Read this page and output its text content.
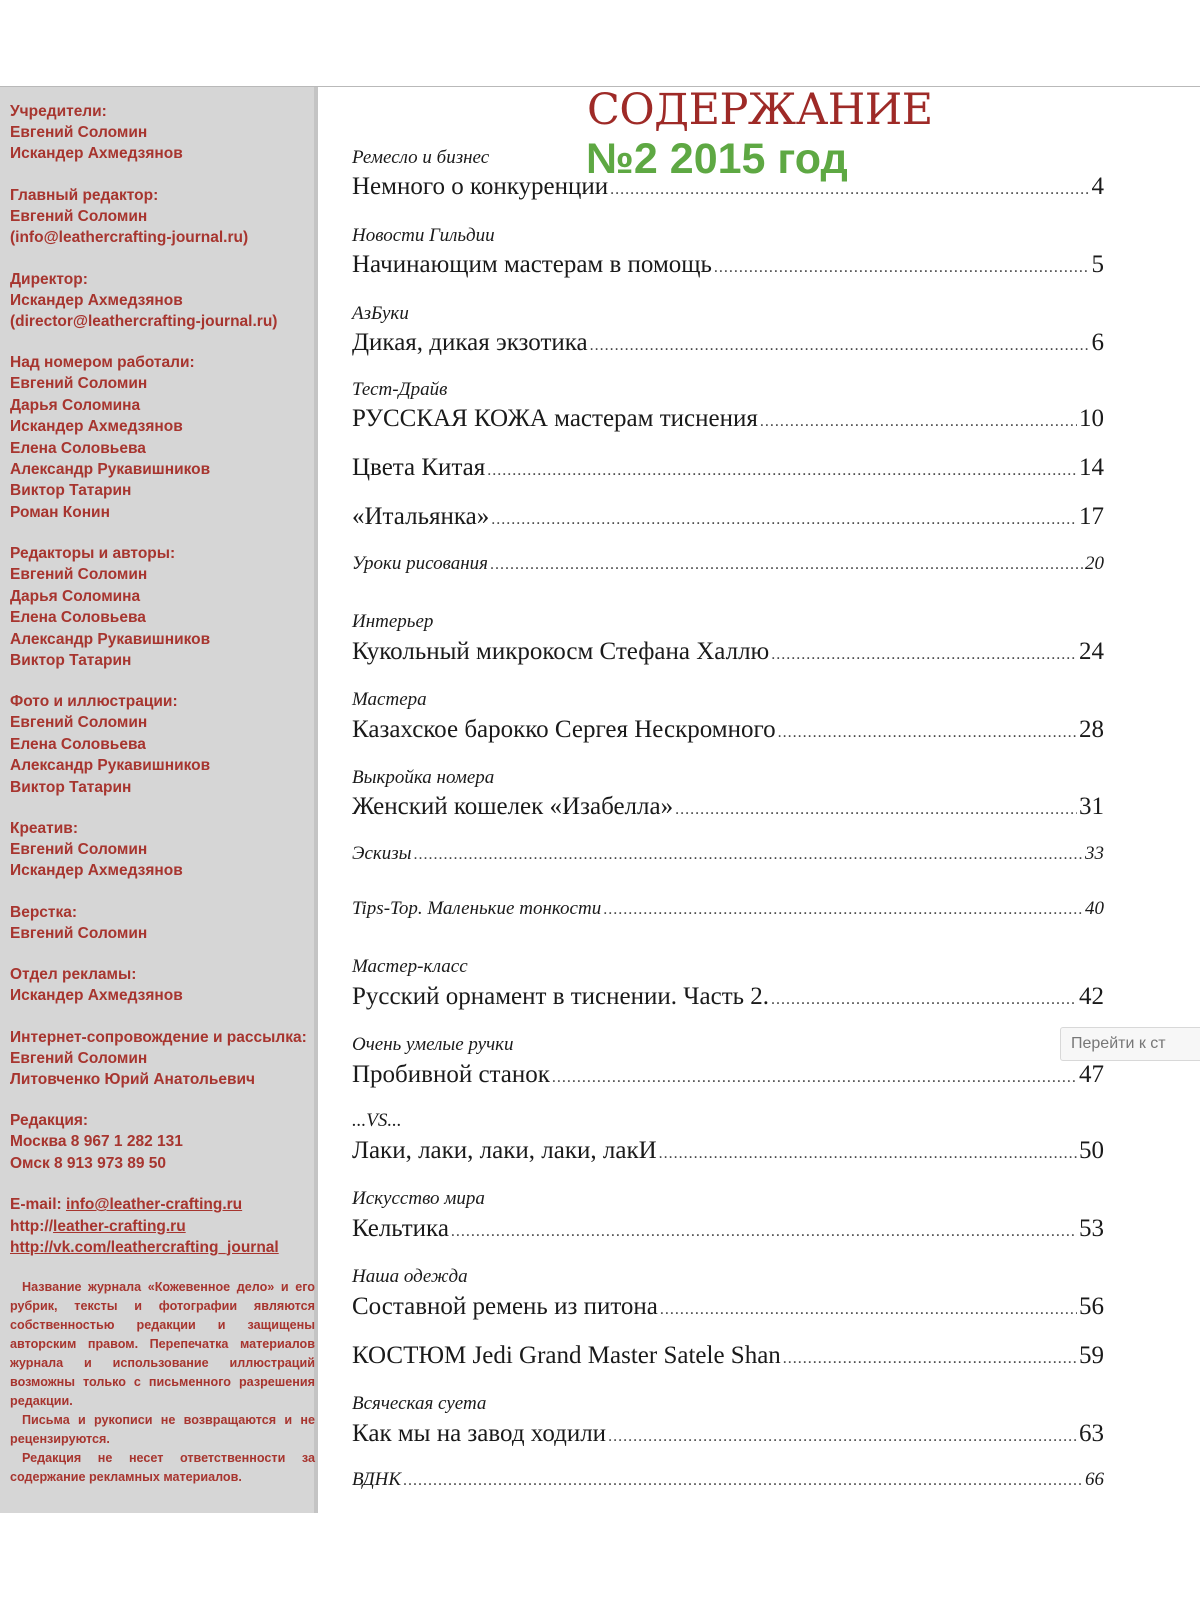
Учредители:
Евгений Соломин
Искандер Ахмедзянов
Главный редактор:
Евгений Соломин
(info@leathercrafting-journal.ru)
Директор:
Искандер Ахмедзянов
(director@leathercrafting-journal.ru)
Над номером работали:
Евгений Соломин
Дарья Соломина
Искандер Ахмедзянов
Елена Соловьева
Александр Рукавишников
Виктор Татарин
Роман Конин
Редакторы и авторы:
Евгений Соломин
Дарья Соломина
Елена Соловьева
Александр Рукавишников
Виктор Татарин
Фото и иллюстрации:
Евгений Соломин
Елена Соловьева
Александр Рукавишников
Виктор Татарин
Креатив:
Евгений Соломин
Искандер Ахмедзянов
Верстка:
Евгений Соломин
Отдел рекламы:
Искандер Ахмедзянов
Интернет-сопровождение и рассылка:
Евгений Соломин
Литовченко Юрий Анатольевич
Редакция:
Москва 8 967 1 282 131
Омск 8 913 973 89 50
E-mail: info@leather-crafting.ru
http://leather-crafting.ru
http://vk.com/leathercrafting_journal

Название журнала «Кожевенное дело» и его рубрик, тексты и фотографии являются собственностью редакции и защищены авторским правом. Перепечатка материалов журнала и использование иллюстраций возможны только с письменного разрешения редакции.

Письма и рукописи не возвращаются и не рецензируются.

Редакция не несет ответственности за содержание рекламных материалов.

СОДЕРЖАНИЕ
№2 2015 год
Ремесло и бизнес
Немного о конкуренции .....	4
Новости Гильдии
Начинающим мастерам в помощь .....	5
АзБуки
Дикая, дикая экзотика .....	6
Тест-Драйв
РУССКАЯ КОЖА мастерам тиснения .....	10
Цвета Китая .....	14
«Итальянка» .....	17
Уроки рисования .....	20
Интерьер
Кукольный микрокосм Стефана Халлю .....	24
Мастера
Казахское барокко Сергея Нескромного .....	28
Выкройка номера
Женский кошелек «Изабелла» .....	31
Эскизы .....	33
Tips-Top. Маленькие тонкости .....	40
Мастер-класс
Русский орнамент в тиснении. Часть 2. .....	42
Очень умелые ручки
Пробивной станок .....	47
...VS...
Лаки, лаки, лаки, лаки, лакИ .....	50
Искусство мира
Кельтика .....	53
Наша одежда
Составной ремень из питона .....	56
КОСТЮМ Jedi Grand Master Satele Shan .....	59
Всяческая суета
Как мы на завод ходили .....	63
ВДНК .....	66
Перейти к ст
